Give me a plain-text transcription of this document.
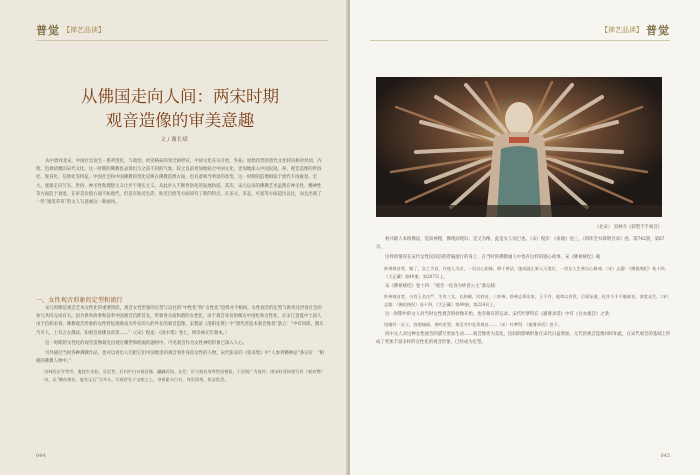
普觉 【禅艺品读】
从佛国走向人间：两宋时期
观音造像的审美意趣
文 / 谢长斌

从中唐到北宋，中国社会发生一系列变化，与政治、经济格局的变迁相呼应，中国文化在从开放、外拓、原始热烈的唐代文化转向相对封闭、内敛、色调清雅的宋代文化。这一时期的佛教也表现出与之前不同的气象。较之以前更加地贴合中国文化，更加地深入中国民间。养、观音造像的世俗化、现身化、信仰化等特征。中国社会和中国佛教的变化反映在佛教造像方面，也有着相当明显的改变，这一时期的造像相较于唐代不再雍容、宏大。逐渐走向写实、世俗，神圣性和理想主义让步于现实主义，从此步入不断世俗化的发展轨道。其次，宋元以来的佛教艺术虽然在神圣性、精神性等方面趋于衰退，在审美价值方面不如唐代，但是在贴近生活、贴近百姓等方面却有了新的特点。在多元、多态、可爱等方面超出以往，而且出现了一些“逸笔草草”的文人写意画这一新画风。

一、女性观音形象的定型和流行

宋元时期是观音艺术女性化的重要阶段，观音女性形象的定型与以往的“中性化”和“女性化”趋势并不相同。女性观音的定型与供奉及世俗社会的参与共同完成有关。因为供奉故事和信奉中国观音信仰首先，形象各方面和谐的女性化，由于观音身份的相应中国化和女性化，在宋辽金夏中土国人由于信仰来看。佛教观音形象的女性特征逐渐成为外在的大的外在的观音造像。宋程泌《洛阳先贤》中“唐代善造木观音像者”条云：“中有河阳，熊车乃可人，上有五女佛法，知观音看佛具角等……”（《宋》程泌：《洛水集》卷七，明崇祯元年刻本。）

这一时期的女性化的观音造像最先出现在雕塑和绘画的题材中。可见观音作为女性神的形象已深入人心。

另外通过当时各种佛教作品，也可以看出人们把它们中国地里的观音看作身段女性的人物。宋代张耒的《张耒集》中“人参列精神品”条记有：“相模的佛教人物中。”

凤林西京寺常考，鬼怪生光仙，女尼者；后妇中白衣观音像，翩翩若仙。女尼：应与观音身等性质相似，于民间广为流传。南宋时苏轼曾写有《观音赞》诗，以“稽首观音，宴坐宝石”为开头。写观音坐于宝座之上，身着素衣白衣，身形清秀，体态优美。
044
【禅艺品读】 普觉
（北宋） 双林寺《彩塑千手观音》

初并辅人本组佛法，觉而神理，佛现而现归；是又为像，此是女人而已也。（宋）倪岸：《泉坡》卷三，《四库全书简明目录》卷，第742册，第67页。

这样的情况在宋代女性民间信仰普遍流行的身上，在当时的佛教画人中也有这样的感心故事。宋《佛祖统纪》载：

妙善观音者，嫁了，女之为首，许他人为女，一切自心如妹，修于善法，遂成就正果入灭度后，一切女人生善自心修戒。（宋）志磐：《佛祖统纪》卷十四，《大正藏》第49册，第207页上。

宋《佛祖统纪》卷十四：“观音一化身为妙善公主”条记载：

妙善观音者，古有王名庄严，生有三女，长妙颜，次妙音，三妙善。妙善志慕出家，王不许，遂命以苦役，后果证道，化作千手千眼观音，济度众生。（宋）志磐：《佛祖统纪》卷十四，《大正藏》第49册，第224页上。

这一时期中的文人对当时女性观音的妙像开始，也有相应的记录。宋代叶梦得在《避暑录话》中有《白衣观音》之条：

钱塘有一女子，容貌端丽，善吹笙管，每至寺中礼拜观音……（宋）叶梦得：《避暑录话》卷下。

同中元人对这种女性观音的描写更加生动……观音像更为美化、民间的影响形象在宋代日益增加。元代的观音造像同样如此，在宋代观音的基础上形成了更加丰富多样的女性化的观音形象，已经成为定型。

045
